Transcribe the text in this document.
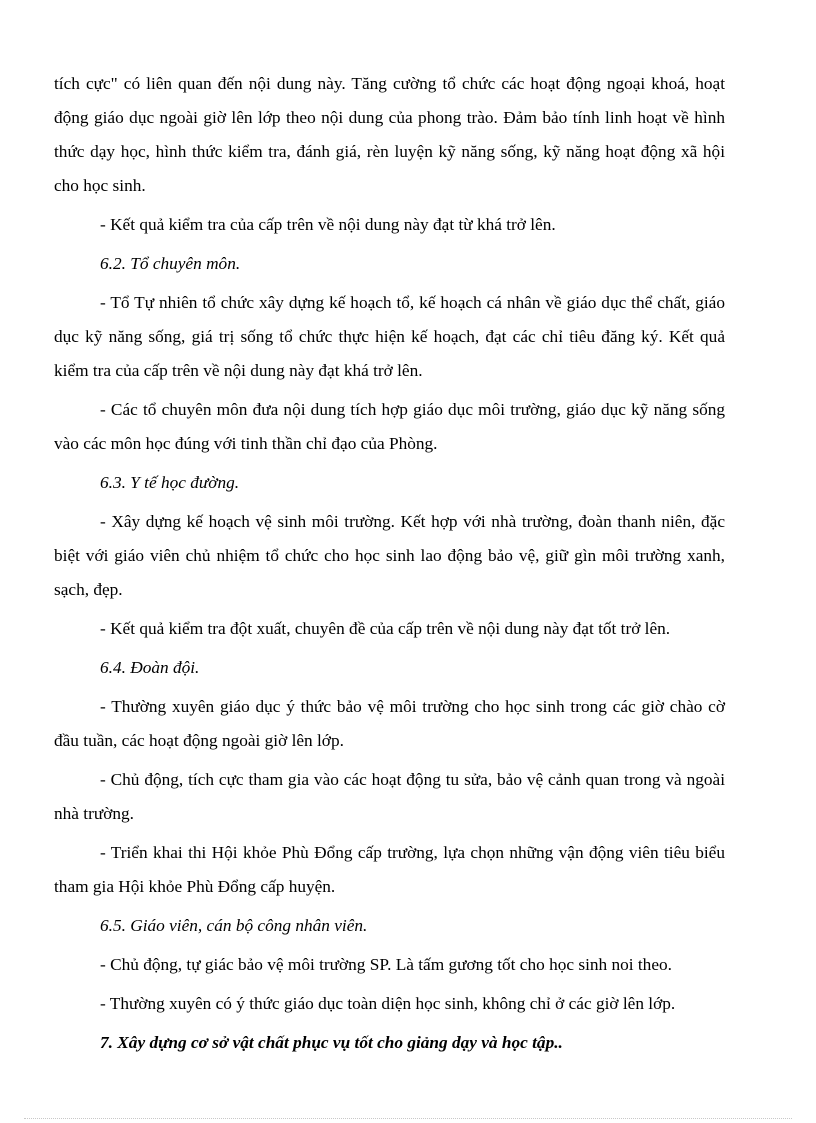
tích cực" có liên quan đến nội dung này. Tăng cường tổ chức các hoạt động ngoại khoá, hoạt động giáo dục ngoài giờ lên lớp theo nội dung của phong trào. Đảm bảo tính linh hoạt về hình thức dạy học, hình thức kiểm tra, đánh giá, rèn luyện kỹ năng sống, kỹ năng hoạt động xã hội cho học sinh.

- Kết quả kiểm tra của cấp trên về nội dung này đạt từ khá trở lên.

6.2. Tổ chuyên môn.

- Tổ Tự nhiên tổ chức xây dựng kế hoạch tổ, kế hoạch cá nhân về giáo dục thể chất, giáo dục kỹ năng sống, giá trị sống tổ chức thực hiện kế hoạch, đạt các chỉ tiêu đăng ký. Kết quả kiểm tra của cấp trên về nội dung này đạt khá trở lên.

- Các tổ chuyên môn đưa nội dung tích hợp giáo dục môi trường, giáo dục kỹ năng sống vào các môn học đúng với tinh thần chỉ đạo của Phòng.

6.3. Y tế học đường.

- Xây dựng kế hoạch vệ sinh môi trường. Kết hợp với nhà trường, đoàn thanh niên, đặc biệt với giáo viên chủ nhiệm tổ chức cho học sinh lao động bảo vệ, giữ gìn môi trường xanh, sạch, đẹp.

- Kết quả kiểm tra đột xuất, chuyên đề của cấp trên về nội dung này đạt tốt trở lên.

6.4. Đoàn đội.

- Thường xuyên giáo dục ý thức bảo vệ môi trường cho học sinh trong các giờ chào cờ đầu tuần, các hoạt động ngoài giờ lên lớp.

- Chủ động, tích cực tham gia vào các hoạt động tu sửa, bảo vệ cảnh quan trong và ngoài nhà trường.

- Triển khai thi Hội khỏe Phù Đổng cấp trường, lựa chọn những vận động viên tiêu biểu tham gia Hội khỏe Phù Đổng cấp huyện.

6.5. Giáo viên, cán bộ công nhân viên.

- Chủ động, tự giác bảo vệ môi trường SP. Là tấm gương tốt cho học sinh noi theo.

- Thường xuyên có ý thức giáo dục toàn diện học sinh, không chỉ ở các giờ lên lớp.

7. Xây dựng cơ sở vật chất phục vụ tốt cho giảng dạy và học tập..
